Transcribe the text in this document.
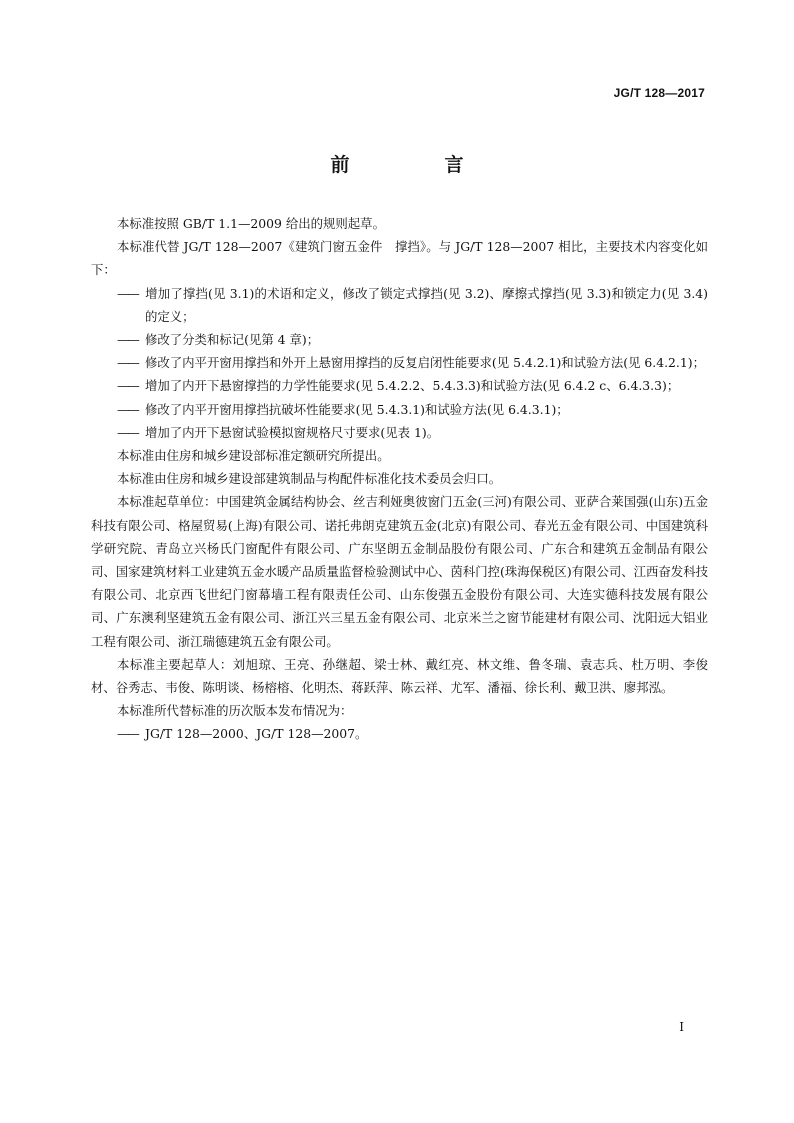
JG/T 128—2017
前　言

本标准按照 GB/T 1.1—2009 给出的规则起草。

本标准代替 JG/T 128—2007《建筑门窗五金件　撑挡》。与 JG/T 128—2007 相比，主要技术内容变化如下：

—— 增加了撑挡(见 3.1)的术语和定义，修改了锁定式撑挡(见 3.2)、摩擦式撑挡(见 3.3)和锁定力(见 3.4)的定义；

—— 修改了分类和标记(见第 4 章)；

—— 修改了内平开窗用撑挡和外开上悬窗用撑挡的反复启闭性能要求(见 5.4.2.1)和试验方法(见 6.4.2.1)；

—— 增加了内开下悬窗撑挡的力学性能要求(见 5.4.2.2、5.4.3.3)和试验方法(见 6.4.2 c、6.4.3.3)；

—— 修改了内平开窗用撑挡抗破坏性能要求(见 5.4.3.1)和试验方法(见 6.4.3.1)；

—— 增加了内开下悬窗试验模拟窗规格尺寸要求(见表 1)。

本标准由住房和城乡建设部标准定额研究所提出。

本标准由住房和城乡建设部建筑制品与构配件标准化技术委员会归口。

本标准起草单位：中国建筑金属结构协会、丝吉利娅奥彼窗门五金(三河)有限公司、亚萨合莱国强(山东)五金科技有限公司、格屋贸易(上海)有限公司、诺托弗朗克建筑五金(北京)有限公司、春光五金有限公司、中国建筑科学研究院、青岛立兴杨氏门窗配件有限公司、广东坚朗五金制品股份有限公司、广东合和建筑五金制品有限公司、国家建筑材料工业建筑五金水暖产品质量监督检验测试中心、茵科门控(珠海保税区)有限公司、江西奋发科技有限公司、北京西飞世纪门窗幕墙工程有限责任公司、山东俊强五金股份有限公司、大连实德科技发展有限公司、广东澳利坚建筑五金有限公司、浙江兴三星五金有限公司、北京米兰之窗节能建材有限公司、沈阳远大铝业工程有限公司、浙江瑞德建筑五金有限公司。

本标准主要起草人：刘旭琼、王亮、孙继超、梁士林、戴红亮、林文维、鲁冬瑞、袁志兵、杜万明、李俊材、谷秀志、韦俊、陈明谈、杨榕榕、化明杰、蒋跃萍、陈云祥、尤军、潘福、徐长利、戴卫洪、廖邦泓。

本标准所代替标准的历次版本发布情况为：

—— JG/T 128—2000、JG/T 128—2007。

I
